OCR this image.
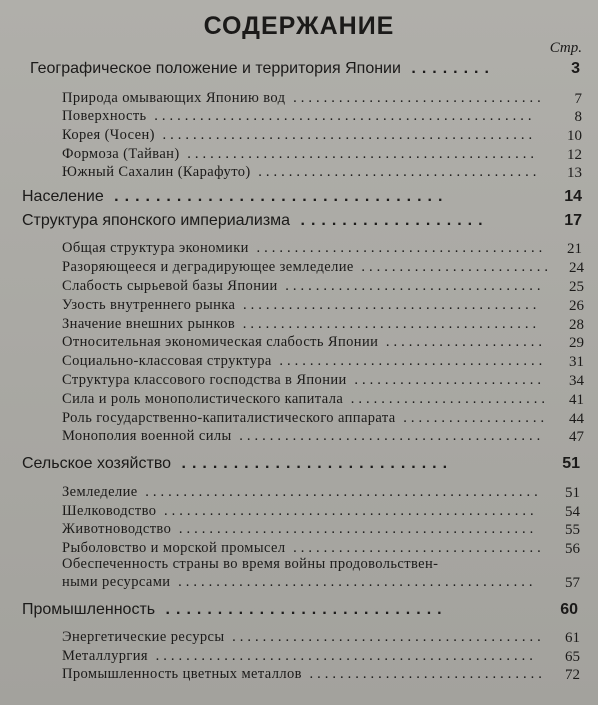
СОДЕРЖАНИЕ
Стр.
Географическое положение и территория Японии ........	3
Природа омывающих Японию вод .................................	7
Поверхность ..................................................	8
Корея (Чосен) .................................................	10
Формоза (Тайван) ..............................................	12
Южный Сахалин (Карафуто) .....................................	13
Население ................................	14
Структура японского империализма ..................	17
Общая структура экономики ......................................	21
Разоряющееся и деградирующее земледелие .........................	24
Слабость сырьевой базы Японии ..................................	25
Узость внутреннего рынка .......................................	26
Значение внешних рынков .......................................	28
Относительная экономическая слабость Японии .....................	29
Социально-классовая структура ...................................	31
Структура классового господства в Японии .........................	34
Сила и роль монополистического капитала ..........................	41
Роль государственно-капиталистического аппарата ...................	44
Монополия военной силы ........................................	47
Сельское хозяйство ..........................	51
Земледелие ....................................................	51
Шелководство .................................................	54
Животноводство ...............................................	55
Рыболовство и морской промысел .................................	56
Обеспеченность страны во время войны продовольствен-
ными ресурсами ...............................................	57
Промышленность ...........................	60
Энергетические ресурсы .........................................	61
Металлургия ..................................................	65
Промышленность цветных металлов ...............................	72
